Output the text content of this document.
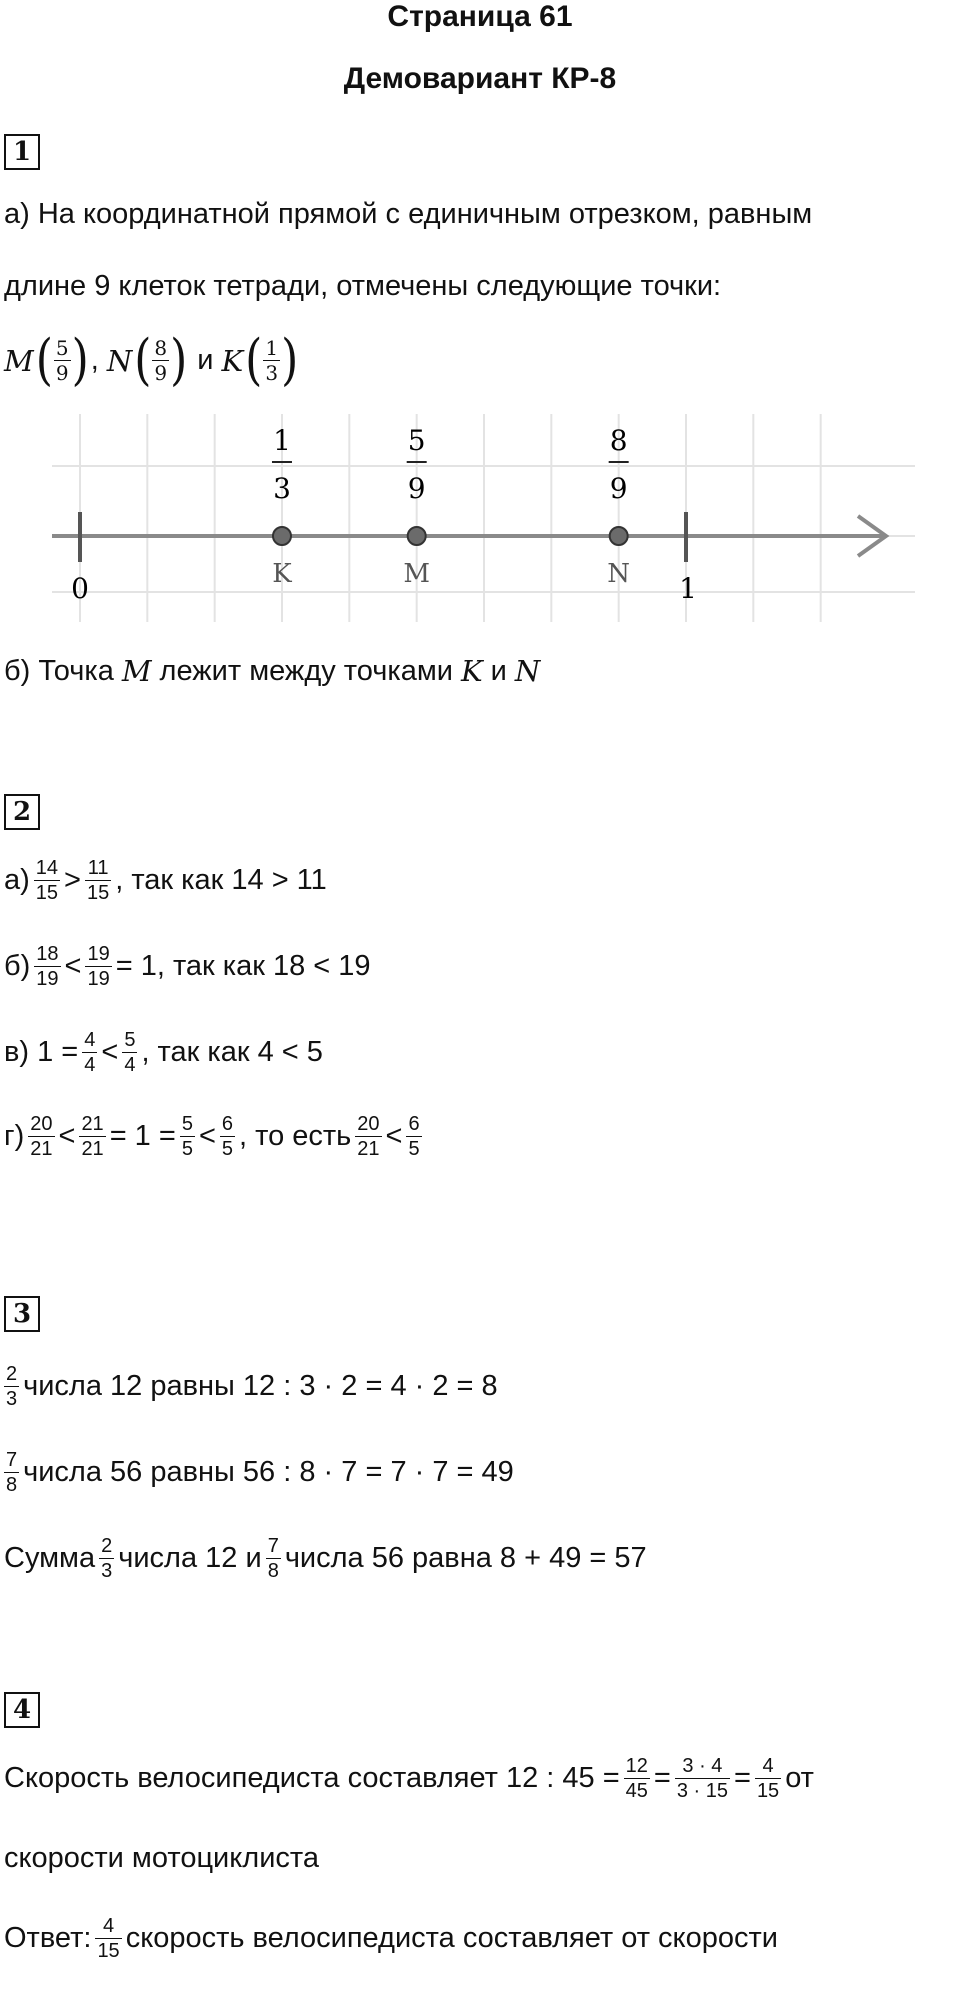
Страница 61
Демовариант КР-8
1
а) На координатной прямой с единичным отрезком, равным
длине 9 клеток тетради, отмечены следующие точки:
M ( $\frac{5}{9}$ ) , N ( $\frac{8}{9}$ ) и K ( $\frac{1}{3}$ )
0	1
1
3
K
5
9
M
8
9
N
б) Точка M лежит между точками K и N
2
$а) \frac{14}{15} > \frac{11}{15}$ , так как 14 > 11
$б) \frac{18}{19} < \frac{19}{19} = 1$, так как 18 < 19
в) $1 = \frac{4}{4} < \frac{5}{4}$ , так как 4 < 5
$г) \frac{20}{21} < \frac{21}{21} = 1 = \frac{5}{5} < \frac{6}{5}$ , то есть $\frac{20}{21} < \frac{6}{5}$
3
$\frac{2}{3}$ числа 12 равны 12 : 3 · 2 = 4 · 2 = 8
$\frac{7}{8}$ числа 56 равны 56 : 8 · 7 = 7 · 7 = 49
Сумма $\frac{2}{3}$ числа 12 и $\frac{7}{8}$ числа 56 равна 8 + 49 = 57
4
Скорость велосипедиста составляет 12 : $45 = \frac{12}{45} = \frac{3 \cdot 4}{3 \cdot 15} = \frac{4}{15}$ от
скорости мотоциклиста
Ответ: $\frac{4}{15}$ скорость велосипедиста составляет от скорости
